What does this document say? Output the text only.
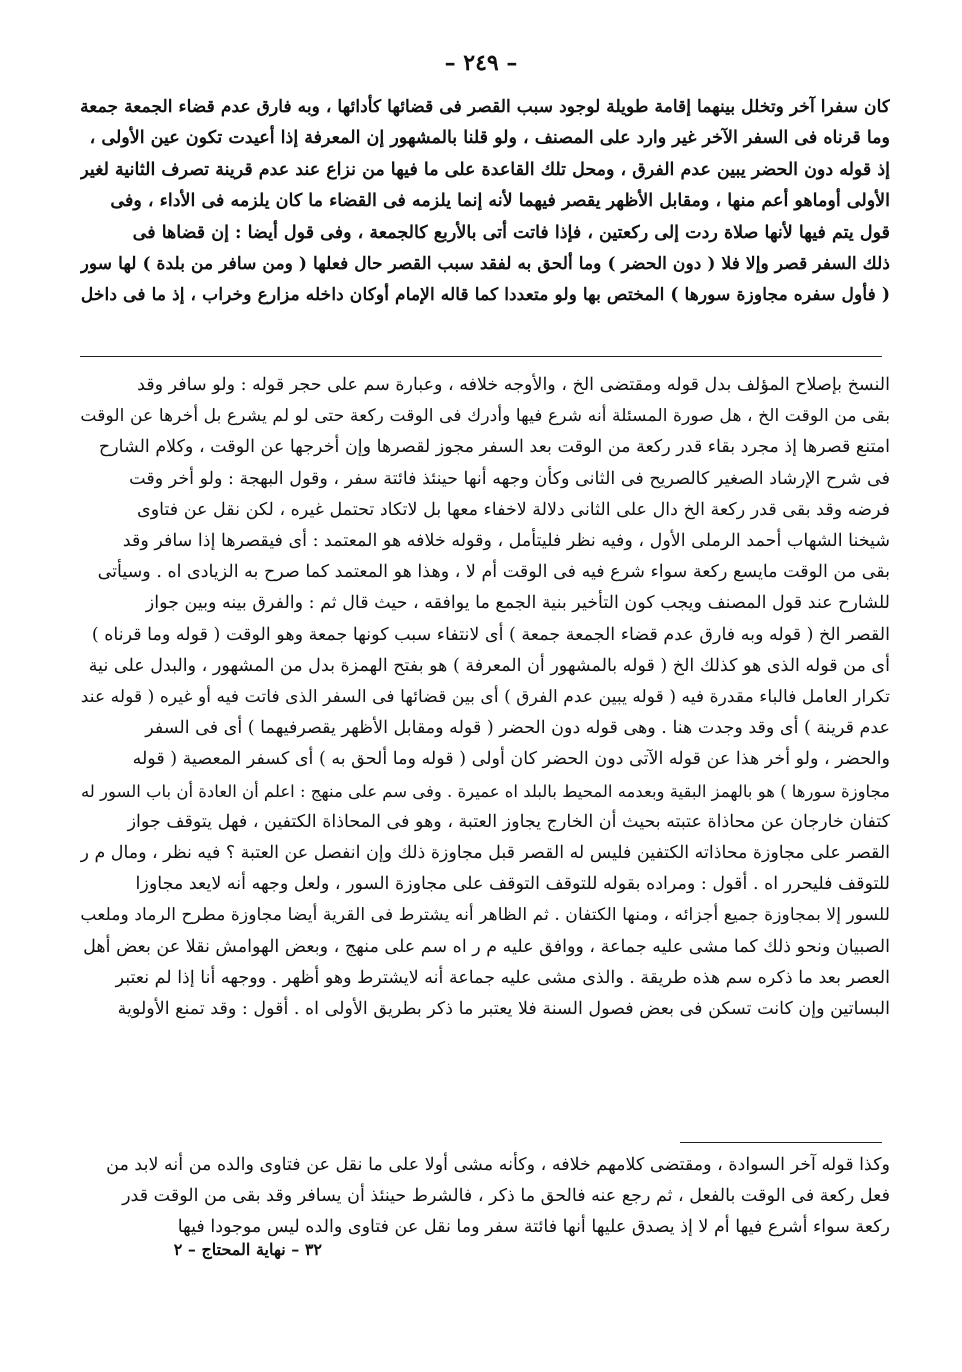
– ٢٤٩ –
كان سفرا آخر وتخلل بينهما إقامة طويلة لوجود سبب القصر فى قضائها كأدائها ، وبه فارق عدم قضاء الجمعة جمعة
وما قرناه فى السفر الآخر غير وارد على المصنف ، ولو قلنا بالمشهور إن المعرفة إذا أعيدت تكون عين الأولى ،
إذ قوله دون الحضر يبين عدم الفرق ، ومحل تلك القاعدة على ما فيها من نزاع عند عدم قرينة تصرف الثانية لغير
الأولى أوماهو أعم منها ، ومقابل الأظهر يقصر فيهما لأنه إنما يلزمه فى القضاء ما كان يلزمه فى الأداء ، وفى
قول يتم فيها لأنها صلاة ردت إلى ركعتين ، فإذا فاتت أتى بالأربع كالجمعة ، وفى قول أيضا : إن قضاها فى
ذلك السفر قصر وإلا فلا ( دون الحضر ) وما ألحق به لفقد سبب القصر حال فعلها ( ومن سافر من بلدة ) لها سور
( فأول سفره مجاوزة سورها ) المختص بها ولو متعددا كما قاله الإمام أوكان داخله مزارع وخراب ، إذ ما فى داخل
النسخ بإصلاح المؤلف بدل قوله ومقتضى الخ ، والأوجه خلافه ، وعبارة سم على حجر قوله : ولو سافر وقد
بقى من الوقت الخ ، هل صورة المسئلة أنه شرع فيها وأدرك فى الوقت ركعة حتى لو لم يشرع بل أخرها عن الوقت
امتنع قصرها إذ مجرد بقاء قدر ركعة من الوقت بعد السفر مجوز لقصرها وإن أخرجها عن الوقت ، وكلام الشارح
فى شرح الإرشاد الصغير كالصريح فى الثانى وكأن وجهه أنها حينئذ فائتة سفر ، وقول البهجة : ولو أخر وقت
فرضه وقد بقى قدر ركعة الخ دال على الثانى دلالة لاخفاء معها بل لاتكاد تحتمل غيره ، لكن نقل عن فتاوى
شيخنا الشهاب أحمد الرملى الأول ، وفيه نظر فليتأمل ، وقوله خلافه هو المعتمد : أى فيقصرها إذا سافر وقد
بقى من الوقت مايسع ركعة سواء شرع فيه فى الوقت أم لا ، وهذا هو المعتمد كما صرح به الزيادى اه . وسيأتى
للشارح عند قول المصنف ويجب كون التأخير بنية الجمع ما يوافقه ، حيث قال ثم : والفرق بينه وبين جواز
القصر الخ ( قوله وبه فارق عدم قضاء الجمعة جمعة ) أى لانتفاء سبب كونها جمعة وهو الوقت ( قوله وما قرناه )
أى من قوله الذى هو كذلك الخ ( قوله بالمشهور أن المعرفة ) هو بفتح الهمزة بدل من المشهور ، والبدل على نية
تكرار العامل فالباء مقدرة فيه ( قوله يبين عدم الفرق ) أى بين قضائها فى السفر الذى فاتت فيه أو غيره ( قوله عند
عدم قرينة ) أى وقد وجدت هنا . وهى قوله دون الحضر ( قوله ومقابل الأظهر يقصرفيهما ) أى فى السفر
والحضر ، ولو أخر هذا عن قوله الآتى دون الحضر كان أولى ( قوله وما ألحق به ) أى كسفر المعصية ( قوله
مجاوزة سورها ) هو بالهمز البقية وبعدمه المحيط بالبلد اه عميرة . وفى سم على منهج : اعلم أن العادة أن باب السور له
كتفان خارجان عن محاذاة عتبته بحيث أن الخارج يجاوز العتبة ، وهو فى المحاذاة الكتفين ، فهل يتوقف جواز
القصر على مجاوزة محاذاته الكتفين فليس له القصر قبل مجاوزة ذلك وإن انفصل عن العتبة ؟ فيه نظر ، ومال م ر
للتوقف فليحرر اه . أقول : ومراده بقوله للتوقف التوقف على مجاوزة السور ، ولعل وجهه أنه لايعد مجاوزا
للسور إلا بمجاوزة جميع أجزائه ، ومنها الكتفان . ثم الظاهر أنه يشترط فى القرية أيضا مجاوزة مطرح الرماد وملعب
الصبيان ونحو ذلك كما مشى عليه جماعة ، ووافق عليه م ر اه سم على منهج ، وبعض الهوامش نقلا عن بعض أهل
العصر بعد ما ذكره سم هذه طريقة . والذى مشى عليه جماعة أنه لايشترط وهو أظهر . ووجهه أنا إذا لم نعتبر
البساتين وإن كانت تسكن فى بعض فصول السنة فلا يعتبر ما ذكر بطريق الأولى اه . أقول : وقد تمنع الأولوية
وكذا قوله آخر السوادة ، ومقتضى كلامهم خلافه ، وكأنه مشى أولا على ما نقل عن فتاوى والده من أنه لابد من
فعل ركعة فى الوقت بالفعل ، ثم رجع عنه فالحق ما ذكر ، فالشرط حينئذ أن يسافر وقد بقى من الوقت قدر
ركعة سواء أشرع فيها أم لا إذ يصدق عليها أنها فائتة سفر وما نقل عن فتاوى والده ليس موجودا فيها
٣٢ – نهاية المحتاج – ٢
